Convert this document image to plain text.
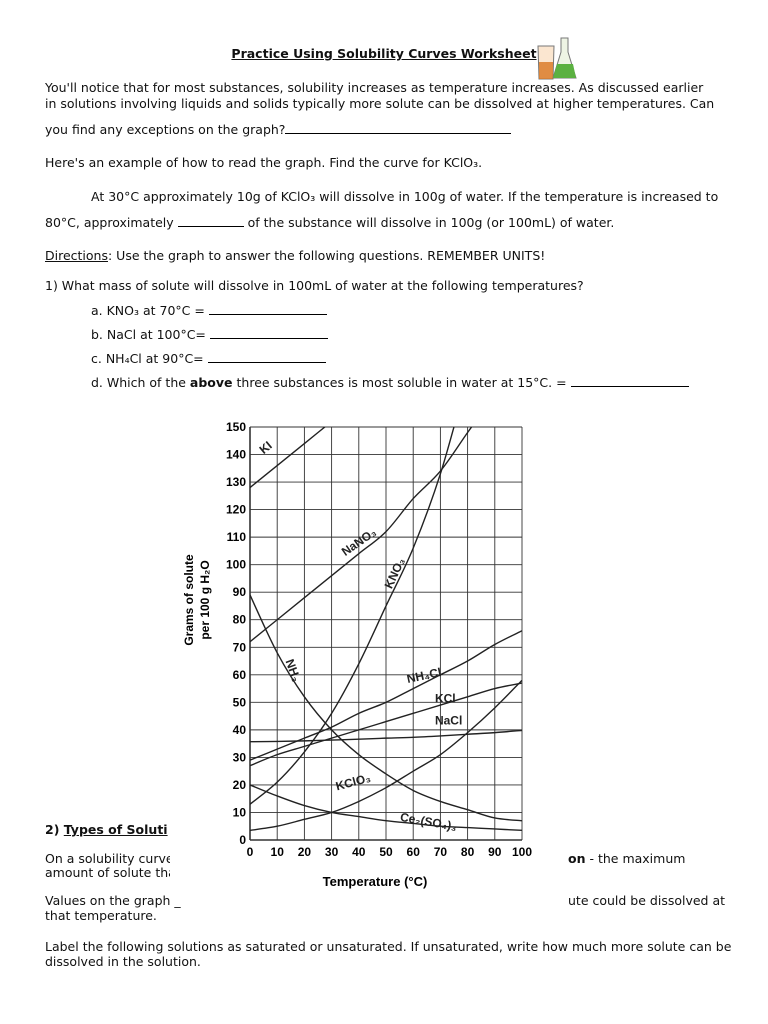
Practice Using Solubility Curves Worksheet
You'll notice that for most substances, solubility increases as temperature increases. As discussed earlier
in solutions involving liquids and solids typically more solute can be dissolved at higher temperatures. Can
you find any exceptions on the graph?
Here's an example of how to read the graph. Find the curve for KClO₃.
At 30°C approximately 10g of KClO₃ will dissolve in 100g of water. If the temperature is increased to
80°C, approximately	of the substance will dissolve in 100g (or 100mL) of water.
Directions: Use the graph to answer the following questions. REMEMBER UNITS!
1) What mass of solute will dissolve in 100mL of water at the following temperatures?
a. KNO₃ at 70°C =
b. NaCl at 100°C=
c. NH₄Cl at 90°C=
d. Which of the above three substances is most soluble in water at 15°C. =
2) Types of Soluti
On a solubility curve,
amount of solute that
on - the maximum
Values on the graph _
that temperature.
ute could be dissolved at
Label the following solutions as saturated or unsaturated. If unsaturated, write how much more solute can be
dissolved in the solution.
0
10
20
30
40
50
60
70
80
90
100
110
120
130
140
150
0 10 20 30 40 50 60 70 80 90 100
KI
NaNO₃
KNO₃
NH₃	NH₄Cl
KCl
NaCl
KClO₃
Ce₂(SO₄)₃
Temperature (°C)
Grams of solute per 100 g H₂O
